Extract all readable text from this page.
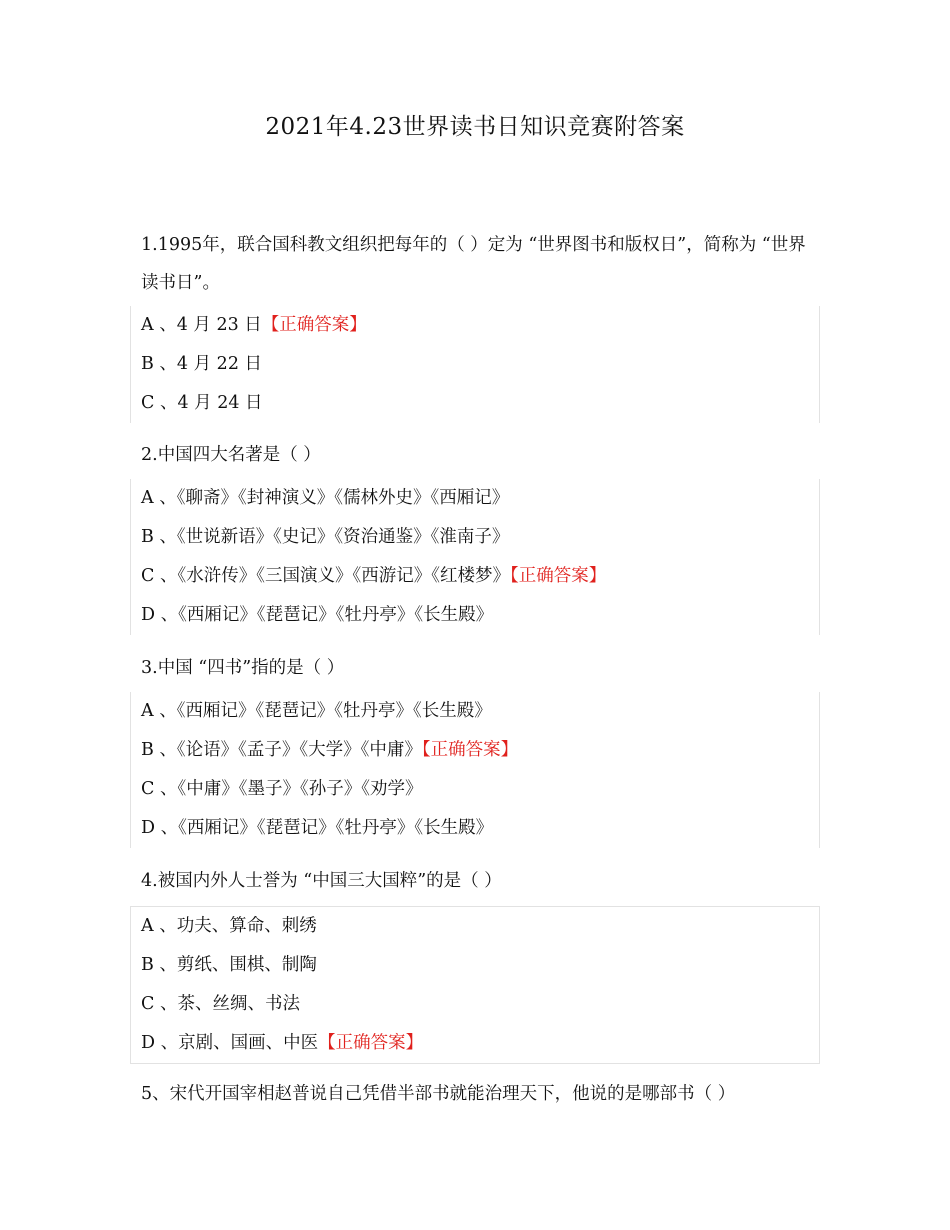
2021年4.23世界读书日知识竞赛附答案
1.1995年，联合国科教文组织把每年的（ ）定为 “世界图书和版权日”，简称为 “世界读书日”。
A 、4 月 23 日【正确答案】
B 、4 月 22 日
C 、4 月 24 日
2.中国四大名著是（ ）
A 、《聊斋》《封神演义》《儒林外史》《西厢记》
B 、《世说新语》《史记》《资治通鉴》《淮南子》
C 、《水浒传》《三国演义》《西游记》《红楼梦》【正确答案】
D 、《西厢记》《琵琶记》《牡丹亭》《长生殿》
3.中国 “四书”指的是（ ）
A 、《西厢记》《琵琶记》《牡丹亭》《长生殿》
B 、《论语》《孟子》《大学》《中庸》【正确答案】
C 、《中庸》《墨子》《孙子》《劝学》
D 、《西厢记》《琵琶记》《牡丹亭》《长生殿》
4.被国内外人士誉为 “中国三大国粹”的是（ ）
A 、功夫、算命、刺绣
B 、剪纸、围棋、制陶
C 、茶、丝绸、书法
D 、京剧、国画、中医【正确答案】
5、宋代开国宰相赵普说自己凭借半部书就能治理天下，他说的是哪部书（ ）
